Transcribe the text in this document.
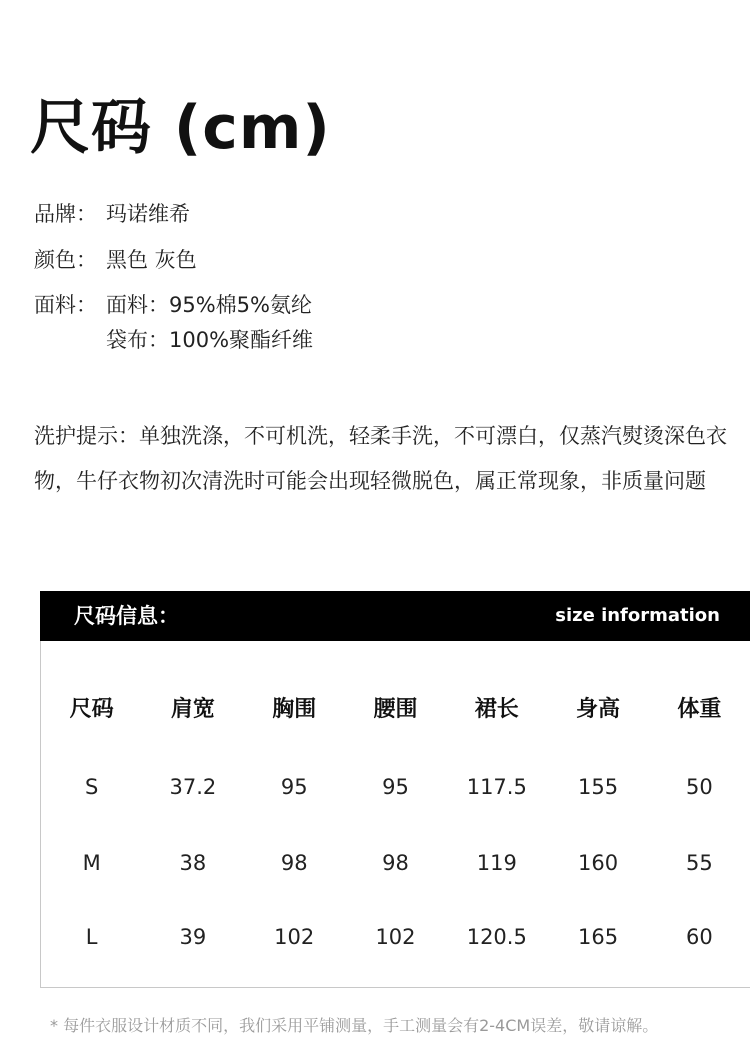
尺码 (cm)
品牌： 玛诺维希
颜色： 黑色 灰色
面料： 面料：95%棉5%氨纶
袋布：100%聚酯纤维
洗护提示：单独洗涤，不可机洗，轻柔手洗，不可漂白，仅蒸汽熨烫深色衣物，牛仔衣物初次清洗时可能会出现轻微脱色，属正常现象，非质量问题
尺码信息：	size information
尺码	肩宽	胸围	腰围	裙长	身高	体重
S	37.2	95	95	117.5	155	50
M	38	98	98	119	160	55
L	39	102	102	120.5	165	60
* 每件衣服设计材质不同，我们采用平铺测量，手工测量会有2-4CM误差，敬请谅解。
